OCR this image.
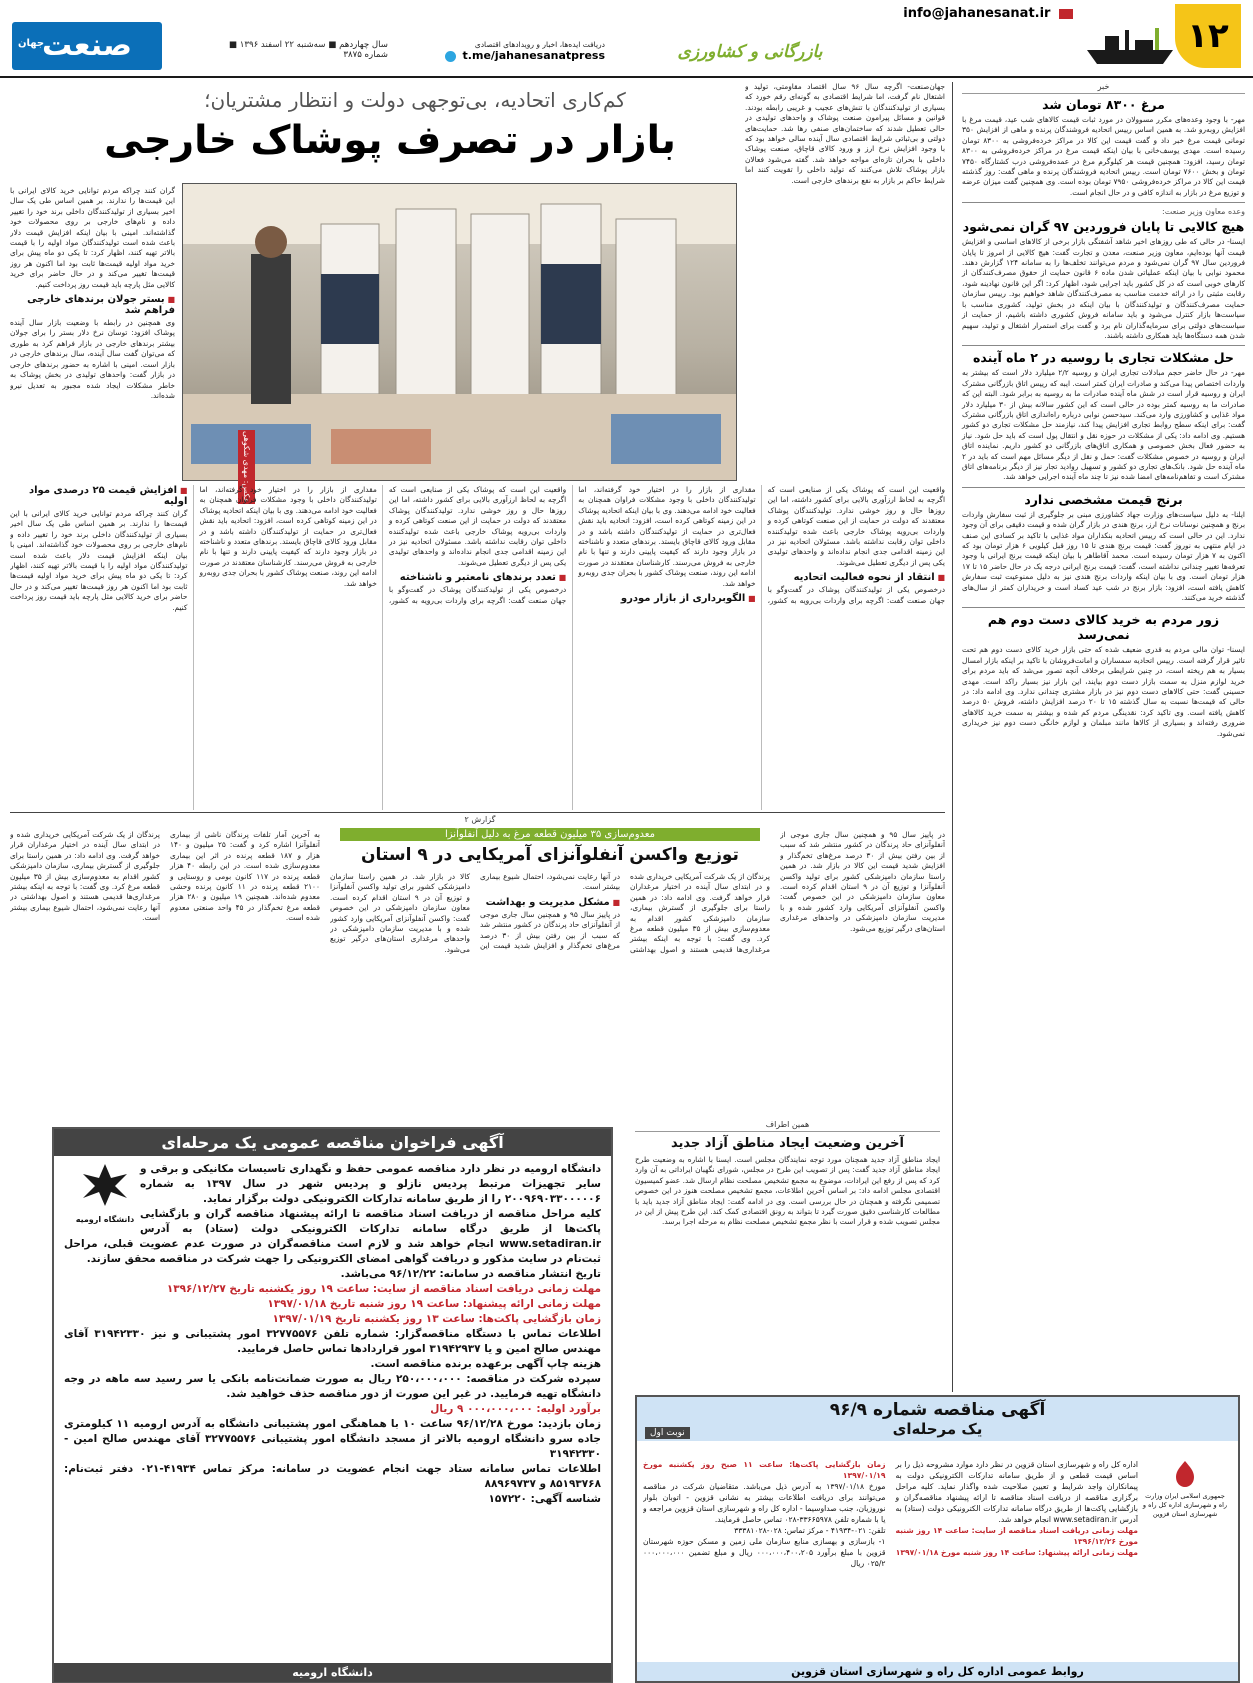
۱۲
info@jahanesanat.ir
بازرگانی و کشاورزی
دریافت ایده‌ها، اخبار و رویدادهای اقتصادی
t.me/jahanesanatpress
سال چهاردهم ■ سه‌شنبه ۲۲ اسفند ۱۳۹۶ ■ شماره ۳۸۷۵
صنعت
جهان
خبر
مرغ ۸۳۰۰ تومان شد
مهر- با وجود وعده‌های مکرر مسوولان در مورد ثبات قیمت کالاهای شب عید، قیمت مرغ با افزایش روبه‌رو شد. به همین اساس رییس اتحادیه فروشندگان پرنده و ماهی از افزایش ۳۵۰ تومانی قیمت مرغ خبر داد و گفت قیمت این کالا در مراکز خرده‌فروشی به ۸۳۰۰ تومان رسیده است. مهدی یوسف‌خانی با بیان اینکه قیمت مرغ در مراکز خرده‌فروشی به ۸۳۰۰ تومان رسید، افزود: همچنین قیمت هر کیلوگرم مرغ در عمده‌فروشی درب کشتارگاه ۷۴۵۰ تومان و بخش ۷۶۰۰ تومان است. رییس اتحادیه فروشندگان پرنده و ماهی گفت: روز گذشته قیمت این کالا در مراکز خرده‌فروشی ۷۹۵۰ تومان بوده است. وی همچنین گفت میزان عرضه و توزیع مرغ در بازار به اندازه کافی و در حال انجام است.
وعده معاون وزیر صنعت:
هیچ کالایی تا پایان فروردین ۹۷ گران نمی‌شود
ایسنا- در حالی که طی روزهای اخیر شاهد آشفتگی بازار برخی از کالاهای اساسی و افزایش قیمت آنها بوده‌ایم، معاون وزیر صنعت، معدن و تجارت گفت: هیچ کالایی از امروز تا پایان فروردین سال ۹۷ گران نمی‌شود و مردم می‌توانند تخلف‌ها را به سامانه ۱۲۴ گزارش دهند. محمود نوابی با بیان اینکه عملیاتی شدن ماده ۶ قانون حمایت از حقوق مصرف‌کنندگان از کارهای خوبی است که در کل کشور باید اجرایی شود، اظهار کرد: اگر این قانون نهادینه شود، رقابت مثبتی را در ارائه خدمت مناسب به مصرف‌کنندگان شاهد خواهیم بود. رییس سازمان حمایت مصرف‌کنندگان و تولیدکنندگان با بیان اینکه در بخش تولید، کشوری مناسب با سیاست‌ها بازار کنترل می‌شود و باید سامانه فروش کشوری داشته باشیم، از حمایت از سیاست‌های دولتی برای سرمایه‌گذاران نام برد و گفت برای استمرار اشتغال و تولید، سهیم شدن همه دستگاه‌ها باید همکاری داشته باشند.
حل مشکلات تجاری با روسیه در ۲ ماه آینده
مهر- در حال حاضر حجم مبادلات تجاری ایران و روسیه ۲/۲ میلیارد دلار است که بیشتر به واردات اختصاص پیدا می‌کند و صادرات ایران کمتر است. ایبه که رییس اتاق بازرگانی مشترک ایران و روسیه قرار است در شش ماه آینده صادرات ما به روسیه به برابر شود. البته این که صادرات ما به روسیه کمتر بوده در حالی است که این کشور سالانه بیش از ۳۰ میلیارد دلار مواد غذایی و کشاورزی وارد می‌کند. سیدحسن نوابی درباره راه‌اندازی اتاق بازرگانی مشترک گفت: برای اینکه سطح روابط تجاری افزایش پیدا کند، نیازمند حل مشکلات تجاری دو کشور هستیم. وی ادامه داد: یکی از مشکلات در حوزه نقل و انتقال پول است که باید حل شود. نیاز به حضور فعال بخش خصوصی و همکاری اتاق‌های بازرگانی دو کشور داریم. نماینده اتاق ایران و روسیه در خصوص مشکلات گفت: حمل و نقل از دیگر مسائل مهم است که باید در ۲ ماه آینده حل شود. بانک‌های تجاری دو کشور و تسهیل روادید تجار نیز از دیگر برنامه‌های اتاق مشترک است و تفاهم‌نامه‌های امضا شده نیز تا چند ماه آینده اجرایی خواهد شد.
برنج قیمت مشخصی ندارد
ایلنا- به دلیل سیاست‌های وزارت جهاد کشاورزی مبنی بر جلوگیری از ثبت سفارش واردات برنج و همچنین نوسانات نرخ ارز، برنج هندی در بازار گران شده و قیمت دقیقی برای آن وجود ندارد. این در حالی است که رییس اتحادیه بنکداران مواد غذایی با تاکید بر کسادی این صنف در ایام منتهی به نوروز گفت: قیمت برنج هندی تا ۱۵ روز قبل کیلویی ۶ هزار تومان بود که اکنون به ۷ هزار تومان رسیده است. محمد آقاطاهر با بیان اینکه قیمت برنج ایرانی با وجود تعرفه‌ها تغییر چندانی نداشته است، گفت: قیمت برنج ایرانی درجه یک در حال حاضر ۱۵ تا ۱۷ هزار تومان است. وی با بیان اینکه واردات برنج هندی نیز به دلیل ممنوعیت ثبت سفارش کاهش یافته است، افزود: بازار برنج در شب عید کساد است و خریداران کمتر از سال‌های گذشته خرید می‌کنند.
زور مردم به خرید کالای دست دوم هم نمی‌رسد
ایسنا- توان مالی مردم به قدری ضعیف شده که حتی بازار خرید کالای دست دوم هم تحت تاثیر قرار گرفته است. رییس اتحادیه سمساران و امانت‌فروشان با تاکید بر اینکه بازار امسال بسیار به هم ریخته است، در چنین شرایطی برخلاف آنچه تصور می‌شد که باید مردم برای خرید لوازم منزل به سمت بازار دست دوم بیایند، این بازار نیز بسیار راکد است. مهدی حسینی گفت: حتی کالاهای دست دوم نیز در بازار مشتری چندانی ندارد. وی ادامه داد: در حالی که قیمت‌ها نسبت به سال گذشته ۱۵ تا ۲۰ درصد افزایش داشته، فروش ۵۰ درصد کاهش یافته است. وی تاکید کرد: نقدینگی مردم کم شده و بیشتر به سمت خرید کالاهای ضروری رفته‌اند و بسیاری از کالاها مانند مبلمان و لوازم خانگی دست دوم نیز خریداری نمی‌شود.
کم‌کاری اتحادیه، بی‌توجهی دولت و انتظار مشتریان؛
بازار در تصرف پوشاک خارجی
جهان‌صنعت- اگرچه سال ۹۶ سال اقتصاد مقاومتی، تولید و اشتغال نام گرفت، اما شرایط اقتصادی به گونه‌ای رقم خورد که بسیاری از تولیدکنندگان با تنش‌های عجیب و غریبی رابطه بودند. قوانین و مسائل پیرامون صنعت پوشاک و واحدهای تولیدی در حالی تعطیل شدند که ساختمان‌های صنفی رها شد. حمایت‌های دولتی و بی‌ثباتی شرایط اقتصادی سال آینده سالی خواهد بود که با وجود افزایش نرخ ارز و ورود کالای قاچاق، صنعت پوشاک داخلی با بحران تازه‌ای مواجه خواهد شد. گفته می‌شود فعالان بازار پوشاک تلاش می‌کنند که تولید داخلی را تقویت کنند اما شرایط حاکم بر بازار به نفع برندهای خارجی است.
عکس: مهدی شکوهی
گران کنند چراکه مردم توانایی خرید کالای ایرانی با این قیمت‌ها را ندارند. بر همین اساس طی یک سال اخیر بسیاری از تولیدکنندگان داخلی برند خود را تغییر داده و نام‌های خارجی بر روی محصولات خود گذاشته‌اند. امینی با بیان اینکه افزایش قیمت دلار باعث شده است تولیدکنندگان مواد اولیه را با قیمت بالاتر تهیه کنند، اظهار کرد: تا یکی دو ماه پیش برای خرید مواد اولیه قیمت‌ها ثابت بود اما اکنون هر روز قیمت‌ها تغییر می‌کند و در حال حاضر برای خرید کالایی مثل پارچه باید قیمت روز پرداخت کنیم.
■ بستر جولان برندهای خارجی فراهم شد
وی همچنین در رابطه با وضعیت بازار سال آینده پوشاک افزود: توسان نرخ دلار بستر را برای جولان بیشتر برندهای خارجی در بازار فراهم کرد به طوری که می‌توان گفت سال آینده، سال برندهای خارجی در بازار است. امینی با اشاره به حضور برندهای خارجی در بازار گفت: واحدهای تولیدی در بخش پوشاک به خاطر مشکلات ایجاد شده مجبور به تعدیل نیرو شده‌اند.
واقعیت این است که پوشاک یکی از صنایعی است که اگرچه به لحاظ ارزآوری بالایی برای کشور داشته، اما این روزها حال و روز خوشی ندارد. تولیدکنندگان پوشاک معتقدند که دولت در حمایت از این صنعت کوتاهی کرده و واردات بی‌رویه پوشاک خارجی باعث شده تولیدکننده داخلی توان رقابت نداشته باشد. مسئولان اتحادیه نیز در این زمینه اقدامی جدی انجام نداده‌اند و واحدهای تولیدی یکی پس از دیگری تعطیل می‌شوند.
■ انتقاد از نحوه فعالیت اتحادیه
درخصوص یکی از تولیدکنندگان پوشاک در گفت‌وگو با جهان صنعت گفت: اگرچه برای واردات بی‌رویه به کشور، مقداری از بازار را در اختیار خود گرفته‌اند، اما تولیدکنندگان داخلی با وجود مشکلات فراوان همچنان به فعالیت خود ادامه می‌دهند. وی با بیان اینکه اتحادیه پوشاک در این زمینه کوتاهی کرده است، افزود: اتحادیه باید نقش فعال‌تری در حمایت از تولیدکنندگان داشته باشد و در مقابل ورود کالای قاچاق بایستد. برندهای متعدد و ناشناخته در بازار وجود دارند که کیفیت پایینی دارند و تنها با نام خارجی به فروش می‌رسند. کارشناسان معتقدند در صورت ادامه این روند، صنعت پوشاک کشور با بحران جدی روبه‌رو خواهد شد.
■ الگوبرداری از بازار مودرو
واقعیت این است که پوشاک یکی از صنایعی است که اگرچه به لحاظ ارزآوری بالایی برای کشور داشته، اما این روزها حال و روز خوشی ندارد. تولیدکنندگان پوشاک معتقدند که دولت در حمایت از این صنعت کوتاهی کرده و واردات بی‌رویه پوشاک خارجی باعث شده تولیدکننده داخلی توان رقابت نداشته باشد. مسئولان اتحادیه نیز در این زمینه اقدامی جدی انجام نداده‌اند و واحدهای تولیدی یکی پس از دیگری تعطیل می‌شوند.
■ تعدد برندهای نامعتبر و ناشناخته
درخصوص یکی از تولیدکنندگان پوشاک در گفت‌وگو با جهان صنعت گفت: اگرچه برای واردات بی‌رویه به کشور، مقداری از بازار را در اختیار خود گرفته‌اند، اما تولیدکنندگان داخلی با وجود مشکلات فراوان همچنان به فعالیت خود ادامه می‌دهند. وی با بیان اینکه اتحادیه پوشاک در این زمینه کوتاهی کرده است، افزود: اتحادیه باید نقش فعال‌تری در حمایت از تولیدکنندگان داشته باشد و در مقابل ورود کالای قاچاق بایستد. برندهای متعدد و ناشناخته در بازار وجود دارند که کیفیت پایینی دارند و تنها با نام خارجی به فروش می‌رسند. کارشناسان معتقدند در صورت ادامه این روند، صنعت پوشاک کشور با بحران جدی روبه‌رو خواهد شد.
■ افزایش قیمت ۲۵ درصدی مواد اولیه
گران کنند چراکه مردم توانایی خرید کالای ایرانی با این قیمت‌ها را ندارند. بر همین اساس طی یک سال اخیر بسیاری از تولیدکنندگان داخلی برند خود را تغییر داده و نام‌های خارجی بر روی محصولات خود گذاشته‌اند. امینی با بیان اینکه افزایش قیمت دلار باعث شده است تولیدکنندگان مواد اولیه را با قیمت بالاتر تهیه کنند، اظهار کرد: تا یکی دو ماه پیش برای خرید مواد اولیه قیمت‌ها ثابت بود اما اکنون هر روز قیمت‌ها تغییر می‌کند و در حال حاضر برای خرید کالایی مثل پارچه باید قیمت روز پرداخت کنیم.
گزارش ۲
معدوم‌سازی ۳۵ میلیون قطعه مرغ به دلیل آنفلوآنزا
توزیع واکسن آنفلوآنزای آمریکایی در ۹ استان
در پاییز سال ۹۵ و همچنین سال جاری موجی از آنفلوآنزای حاد پرندگان در کشور منتشر شد که سبب از بین رفتن بیش از ۳۰ درصد مرغ‌های تخم‌گذار و افزایش شدید قیمت این کالا در بازار شد. در همین راستا سازمان دامپزشکی کشور برای تولید واکسن آنفلوآنزا و توزیع آن در ۹ استان اقدام کرده است. معاون سازمان دامپزشکی در این خصوص گفت: واکسن آنفلوآنزای آمریکایی وارد کشور شده و با مدیریت سازمان دامپزشکی در واحدهای مرغداری استان‌های درگیر توزیع می‌شود.
پرندگان از یک شرکت آمریکایی خریداری شده و در ابتدای سال آینده در اختیار مرغداران قرار خواهد گرفت. وی ادامه داد: در همین راستا برای جلوگیری از گسترش بیماری، سازمان دامپزشکی کشور اقدام به معدوم‌سازی بیش از ۳۵ میلیون قطعه مرغ کرد. وی گفت: با توجه به اینکه بیشتر مرغداری‌ها قدیمی هستند و اصول بهداشتی در آنها رعایت نمی‌شود، احتمال شیوع بیماری بیشتر است.
■ مشکل مدیریت و بهداشت
در پاییز سال ۹۵ و همچنین سال جاری موجی از آنفلوآنزای حاد پرندگان در کشور منتشر شد که سبب از بین رفتن بیش از ۳۰ درصد مرغ‌های تخم‌گذار و افزایش شدید قیمت این کالا در بازار شد. در همین راستا سازمان دامپزشکی کشور برای تولید واکسن آنفلوآنزا و توزیع آن در ۹ استان اقدام کرده است. معاون سازمان دامپزشکی در این خصوص گفت: واکسن آنفلوآنزای آمریکایی وارد کشور شده و با مدیریت سازمان دامپزشکی در واحدهای مرغداری استان‌های درگیر توزیع می‌شود.
به آخرین آمار تلفات پرندگان ناشی از بیماری آنفلوآنزا اشاره کرد و گفت: ۲۵ میلیون و ۱۴۰ هزار و ۱۸۷ قطعه پرنده در اثر این بیماری معدوم‌سازی شده است. در این رابطه ۴۰ هزار قطعه پرنده در ۱۱۷ کانون بومی و روستایی و ۲۱۰۰ قطعه پرنده در ۱۱ کانون پرنده وحشی معدوم شده‌اند. همچنین ۱۹ میلیون و ۲۸۰ هزار قطعه مرغ تخم‌گذار در ۴۵ واحد صنعتی معدوم شده است.
پرندگان از یک شرکت آمریکایی خریداری شده و در ابتدای سال آینده در اختیار مرغداران قرار خواهد گرفت. وی ادامه داد: در همین راستا برای جلوگیری از گسترش بیماری، سازمان دامپزشکی کشور اقدام به معدوم‌سازی بیش از ۳۵ میلیون قطعه مرغ کرد. وی گفت: با توجه به اینکه بیشتر مرغداری‌ها قدیمی هستند و اصول بهداشتی در آنها رعایت نمی‌شود، احتمال شیوع بیماری بیشتر است.
همین اطراف
آخرین وضعیت ایجاد مناطق آزاد جدید
ایجاد مناطق آزاد جدید همچنان مورد توجه نمایندگان مجلس است. ایسنا با اشاره به وضعیت طرح ایجاد مناطق آزاد جدید گفت: پس از تصویب این طرح در مجلس، شورای نگهبان ایراداتی به آن وارد کرد که پس از رفع این ایرادات، موضوع به مجمع تشخیص مصلحت نظام ارسال شد. عضو کمیسیون اقتصادی مجلس ادامه داد: بر اساس آخرین اطلاعات، مجمع تشخیص مصلحت هنوز در این خصوص تصمیمی نگرفته و همچنان در حال بررسی است. وی در ادامه گفت: ایجاد مناطق آزاد جدید باید با مطالعات کارشناسی دقیق صورت گیرد تا بتواند به رونق اقتصادی کمک کند. این طرح پیش از این در مجلس تصویب شده و قرار است با نظر مجمع تشخیص مصلحت نظام به مرحله اجرا برسد.
آگهی فراخوان مناقصه عمومی یک مرحله‌ای
دانشگاه ارومیه

دانشگاه ارومیه در نظر دارد مناقصه عمومی حفظ و نگهداری تاسیسات مکانیکی و برقی و سایر تجهیزات مرتبط پردیس نازلو و پردیس شهر در سال ۱۳۹۷ به شماره ۲۰۰۹۶۹۰۳۳۰۰۰۰۰۶ را از طریق سامانه تدارکات الکترونیکی دولت برگزار نماید.

کلیه مراحل مناقصه از دریافت اسناد مناقصه تا ارائه پیشنهاد مناقصه گران و بازگشایی پاکت‌ها از طریق درگاه سامانه تدارکات الکترونیکی دولت (ستاد) به آدرس www.setadiran.ir انجام خواهد شد و لازم است مناقصه‌گران در صورت عدم عضویت قبلی، مراحل ثبت‌نام در سایت مذکور و دریافت گواهی امضای الکترونیکی را جهت شرکت در مناقصه محقق سازند.

تاریخ انتشار مناقصه در سامانه: ۹۶/۱۲/۲۲ می‌باشد.

مهلت زمانی دریافت اسناد مناقصه از سایت: ساعت ۱۹ روز یکشنبه تاریخ ۱۳۹۶/۱۲/۲۷

مهلت زمانی ارائه پیشنهاد: ساعت ۱۹ روز شنبه تاریخ ۱۳۹۷/۰۱/۱۸

زمان بازگشایی پاکت‌ها: ساعت ۱۳ روز یکشنبه تاریخ ۱۳۹۷/۰۱/۱۹

اطلاعات تماس با دستگاه مناقصه‌گزار: شماره تلفن ۳۲۷۷۵۵۷۶ امور پشتیبانی و نیز ۳۱۹۴۲۳۳۰ آقای مهندس صالح امین و یا ۳۱۹۴۲۹۳۷ امور قراردادها تماس حاصل فرمایید.

هزینه چاپ آگهی برعهده برنده مناقصه است.

سپرده شرکت در مناقصه: ۲۵۰،۰۰۰،۰۰۰ ریال به صورت ضمانت‌نامه بانکی یا سر رسید سه ماهه در وجه دانشگاه تهیه فرمایید. در غیر این صورت از دور مناقصه حذف خواهید شد.

برآورد اولیه: ۰۰۰،۰۰۰،۰۰۰ ۹ ریال

زمان بازدید: مورخ ۹۶/۱۲/۲۸ ساعت ۱۰ با هماهنگی امور پشتیبانی دانشگاه به آدرس ارومیه ۱۱ کیلومتری جاده سرو دانشگاه ارومیه بالاتر از مسجد دانشگاه امور پشتیبانی ۳۲۷۷۵۵۷۶ آقای مهندس صالح امین - ۳۱۹۴۲۳۳۰

اطلاعات تماس سامانه ستاد جهت انجام عضویت در سامانه: مرکز تماس ۴۱۹۳۴-۰۲۱ دفتر ثبت‌نام: ۸۵۱۹۳۷۶۸ و ۸۸۹۶۹۷۳۷

شناسه آگهی: ۱۵۷۲۲۰

دانشگاه ارومیه
آگهی مناقصه شماره ۹۶/۹
یک مرحله‌ای
نوبت اول
جمهوری اسلامی ایران وزارت راه و شهرسازی اداره کل راه و شهرسازی استان قزوین

اداره کل راه و شهرسازی استان قزوین در نظر دارد موارد مشروحه ذیل را بر اساس قیمت قطعی و از طریق سامانه تدارکات الکترونیکی دولت به پیمانکاران واجد شرایط و تعیین صلاحیت شده واگذار نماید. کلیه مراحل برگزاری مناقصه از دریافت اسناد مناقصه تا ارائه پیشنهاد مناقصه‌گران و بازگشایی پاکت‌ها از طریق درگاه سامانه تدارکات الکترونیکی دولت (ستاد) به آدرس www.setadiran.ir انجام خواهد شد.

مهلت زمانی دریافت اسناد مناقصه از سایت: ساعت ۱۴ روز شنبه مورخ ۱۳۹۶/۱۲/۲۶

مهلت زمانی ارائه پیشنهاد: ساعت ۱۴ روز شنبه مورخ ۱۳۹۷/۰۱/۱۸

زمان بازگشایی پاکت‌ها: ساعت ۱۱ صبح روز یکشنبه مورخ ۱۳۹۷/۰۱/۱۹

مورخ ۱۳۹۷/۰۱/۱۸ به آدرس ذیل می‌باشد. متقاضیان شرکت در مناقصه می‌توانند برای دریافت اطلاعات بیشتر به نشانی قزوین - اتوبان بلوار نوروزیان، جنب صداوسیما - اداره کل راه و شهرسازی استان قزوین مراجعه و یا با شماره تلفن ۳۳۶۶۵۹۷۸-۰۲۸ تماس حاصل فرمایند.

تلفن: ۰۲۱-۴۱۹۳۴ - مرکز تماس: ۰۲۸-۳۳۳۸۱۰۲۸

۱- بازسازی و بهسازی منابع سازمان ملی زمین و مسکن حوزه شهرستان قزوین با مبلغ برآورد ۰۰۰،۰۰۰،۴۰۰،۲۰۵ ریال و مبلغ تضمین ۰۰۰،۰۰۰،۰۰۰ ۰۲۵/۲ ریال

روابط عمومی اداره کل راه و شهرسازی استان قزوین
